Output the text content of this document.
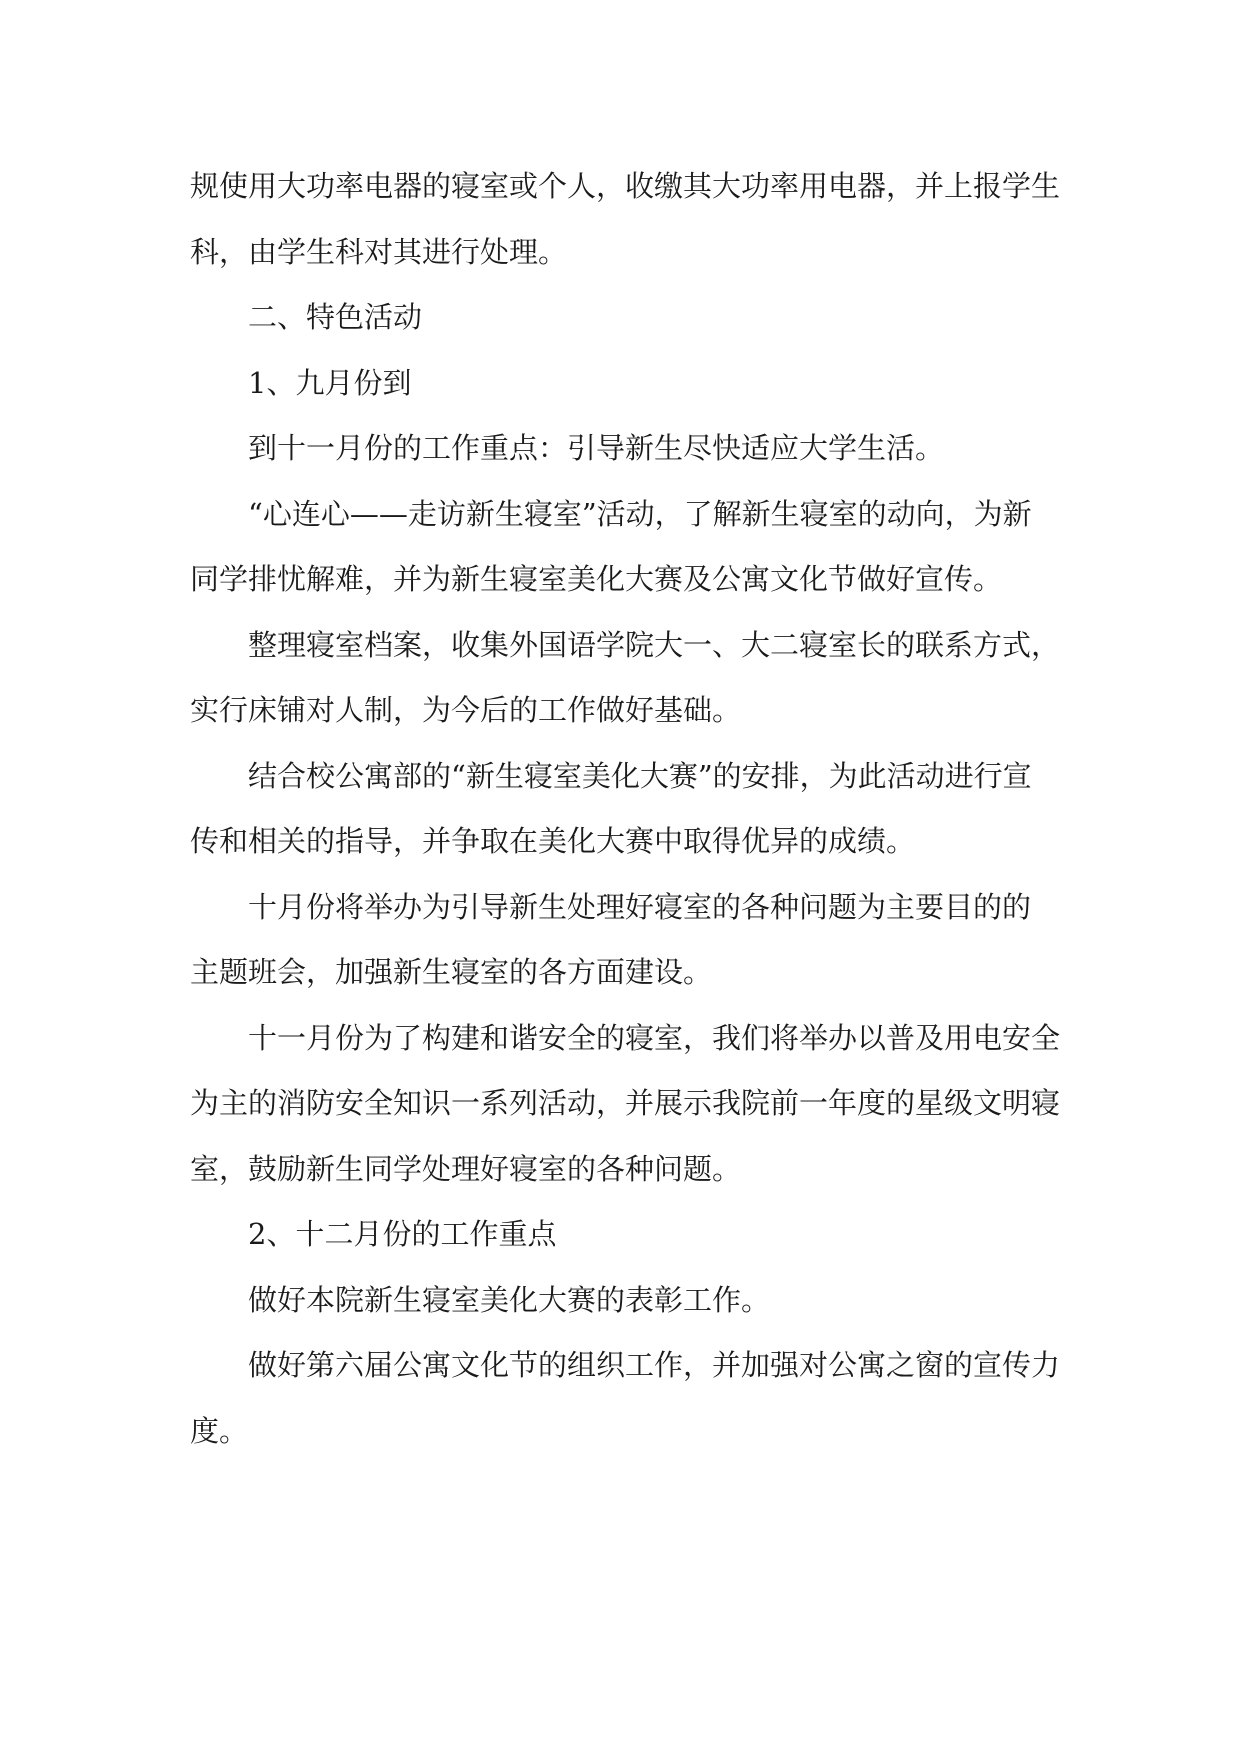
规使用大功率电器的寝室或个人，收缴其大功率用电器，并上报学生
科，由学生科对其进行处理。

二、特色活动

1、九月份到

到十一月份的工作重点：引导新生尽快适应大学生活。

“心连心——走访新生寝室”活动，了解新生寝室的动向，为新
同学排忧解难，并为新生寝室美化大赛及公寓文化节做好宣传。

整理寝室档案，收集外国语学院大一、大二寝室长的联系方式，
实行床铺对人制，为今后的工作做好基础。

结合校公寓部的“新生寝室美化大赛”的安排，为此活动进行宣
传和相关的指导，并争取在美化大赛中取得优异的成绩。

十月份将举办为引导新生处理好寝室的各种问题为主要目的的
主题班会，加强新生寝室的各方面建设。

十一月份为了构建和谐安全的寝室，我们将举办以普及用电安全
为主的消防安全知识一系列活动，并展示我院前一年度的星级文明寝
室，鼓励新生同学处理好寝室的各种问题。

2、十二月份的工作重点

做好本院新生寝室美化大赛的表彰工作。

做好第六届公寓文化节的组织工作，并加强对公寓之窗的宣传力
度。
